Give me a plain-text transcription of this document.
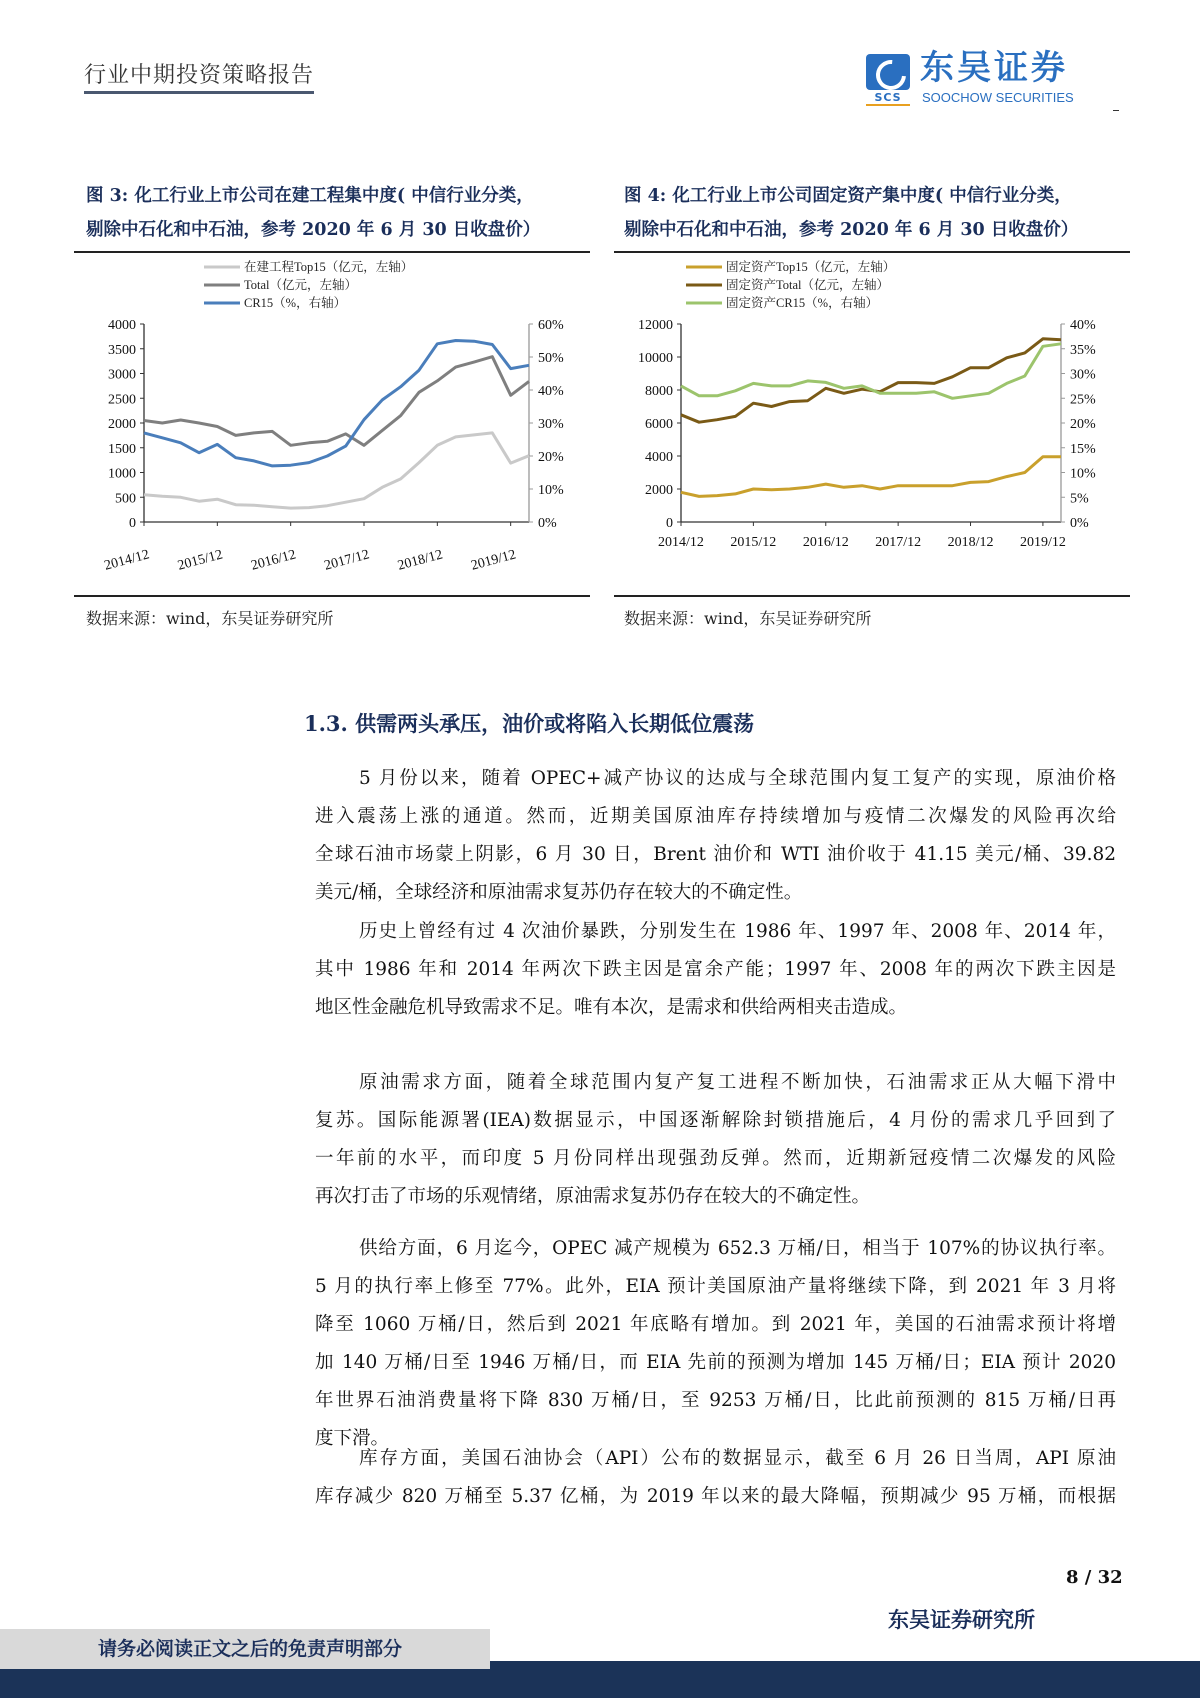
行业中期投资策略报告
SCS
东吴证券
SOOCHOW SECURITIES
图 3: 化工行业上市公司在建工程集中度( 中信行业分类，
剔除中石化和中石油，参考 2020 年 6 月 30 日收盘价）
0
500
1000
1500
2000
2500
3000
3500
4000
0%
10%
20%
30%
40%
50%
60%
2014/12 2015/12 2016/12 2017/12 2018/12 2019/12
在建工程Top15（亿元，左轴）
Total（亿元，左轴）
CR15（%，右轴）
数据来源：wind，东吴证券研究所
图 4: 化工行业上市公司固定资产集中度( 中信行业分类，
剔除中石化和中石油，参考 2020 年 6 月 30 日收盘价）
0
2000
4000
6000
8000
10000
12000
0%
5%
10%
15%
20%
25%
30%
35%
40%
2014/12 2015/12 2016/12 2017/12 2018/12 2019/12
固定资产Top15（亿元，左轴）
固定资产Total（亿元，左轴）
固定资产CR15（%，右轴）
数据来源：wind，东吴证券研究所
1.3. 供需两头承压，油价或将陷入长期低位震荡
5 月份以来，随着 OPEC+减产协议的达成与全球范围内复工复产的实现，原油价格
进入震荡上涨的通道。然而，近期美国原油库存持续增加与疫情二次爆发的风险再次给
全球石油市场蒙上阴影，6 月 30 日，Brent 油价和 WTI 油价收于 41.15 美元/桶、39.82
美元/桶，全球经济和原油需求复苏仍存在较大的不确定性。
历史上曾经有过 4 次油价暴跌，分别发生在 1986 年、1997 年、2008 年、2014 年，
其中 1986 年和 2014 年两次下跌主因是富余产能；1997 年、2008 年的两次下跌主因是
地区性金融危机导致需求不足。唯有本次，是需求和供给两相夹击造成。
原油需求方面，随着全球范围内复产复工进程不断加快，石油需求正从大幅下滑中
复苏。国际能源署(IEA)数据显示，中国逐渐解除封锁措施后，4 月份的需求几乎回到了
一年前的水平，而印度 5 月份同样出现强劲反弹。然而，近期新冠疫情二次爆发的风险
再次打击了市场的乐观情绪，原油需求复苏仍存在较大的不确定性。
供给方面，6 月迄今，OPEC 减产规模为 652.3 万桶/日，相当于 107%的协议执行率。
5 月的执行率上修至 77%。此外，EIA 预计美国原油产量将继续下降，到 2021 年 3 月将
降至 1060 万桶/日，然后到 2021 年底略有增加。到 2021 年，美国的石油需求预计将增
加 140 万桶/日至 1946 万桶/日，而 EIA 先前的预测为增加 145 万桶/日；EIA 预计 2020
年世界石油消费量将下降 830 万桶/日，至 9253 万桶/日，比此前预测的 815 万桶/日再
度下滑。
库存方面，美国石油协会（API）公布的数据显示，截至 6 月 26 日当周，API 原油
库存减少 820 万桶至 5.37 亿桶，为 2019 年以来的最大降幅，预期减少 95 万桶，而根据
8 / 32
东吴证券研究所
请务必阅读正文之后的免责声明部分
